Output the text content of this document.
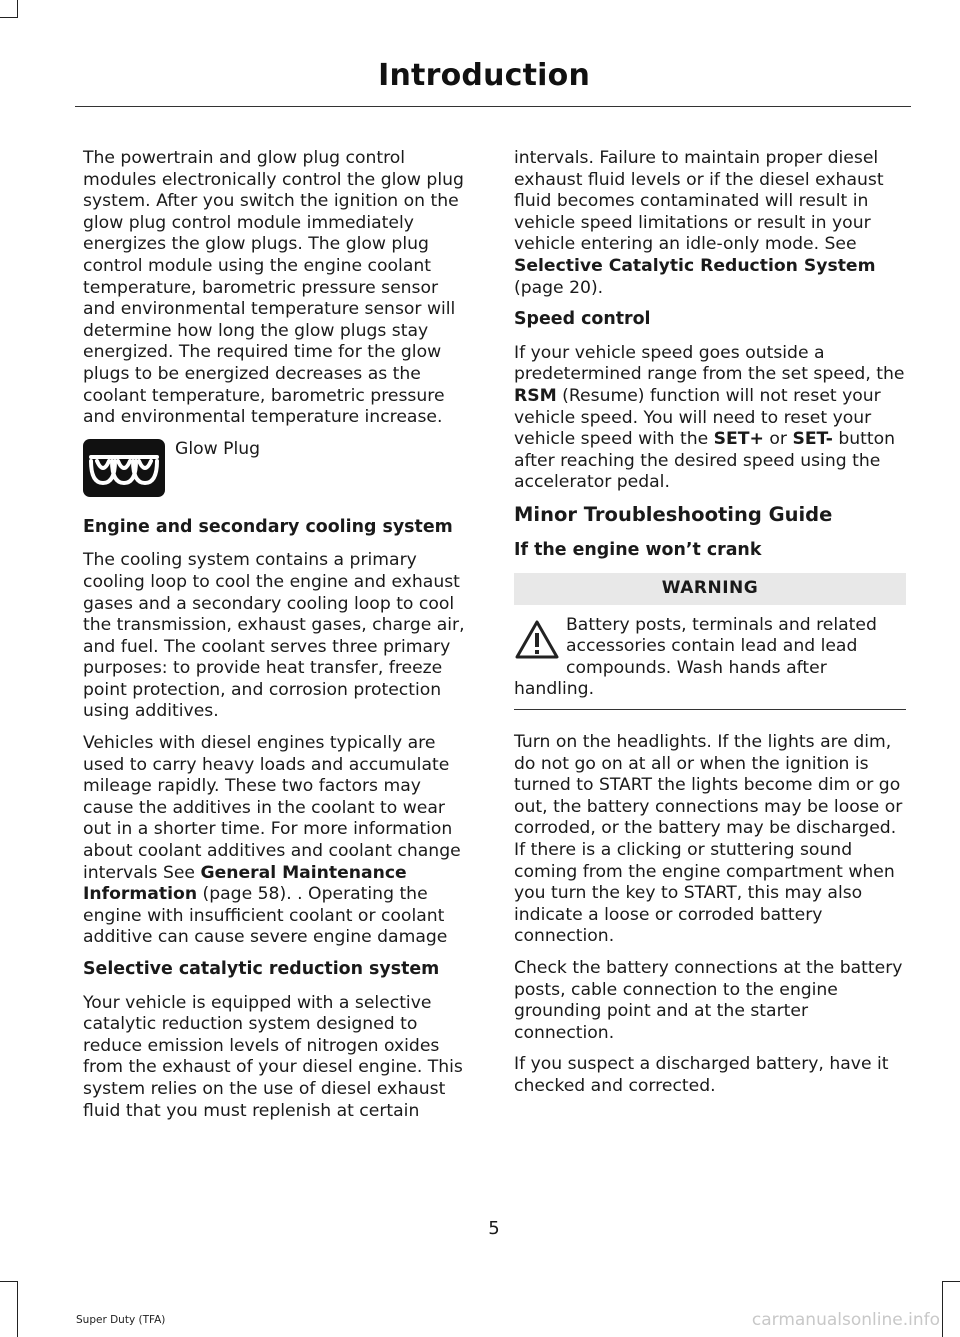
Introduction

The powertrain and glow plug control modules electronically control the glow plug system. After you switch the ignition on the glow plug control module immediately energizes the glow plugs. The glow plug control module using the engine coolant temperature, barometric pressure sensor and environmental temperature sensor will determine how long the glow plugs stay energized. The required time for the glow plugs to be energized decreases as the coolant temperature, barometric pressure and environmental temperature increase.

Glow Plug
Engine and secondary cooling system

The cooling system contains a primary cooling loop to cool the engine and exhaust gases and a secondary cooling loop to cool the transmission, exhaust gases, charge air, and fuel. The coolant serves three primary purposes: to provide heat transfer, freeze point protection, and corrosion protection using additives.

Vehicles with diesel engines typically are used to carry heavy loads and accumulate mileage rapidly. These two factors may cause the additives in the coolant to wear out in a shorter time. For more information about coolant additives and coolant change intervals See General Maintenance Information (page 58). . Operating the engine with insufficient coolant or coolant additive can cause severe engine damage

Selective catalytic reduction system

Your vehicle is equipped with a selective catalytic reduction system designed to reduce emission levels of nitrogen oxides from the exhaust of your diesel engine. This system relies on the use of diesel exhaust fluid that you must replenish at certain

intervals. Failure to maintain proper diesel exhaust fluid levels or if the diesel exhaust fluid becomes contaminated will result in vehicle speed limitations or result in your vehicle entering an idle-only mode. See Selective Catalytic Reduction System (page 20).

Speed control

If your vehicle speed goes outside a predetermined range from the set speed, the RSM (Resume) function will not reset your vehicle speed. You will need to reset your vehicle speed with the SET+ or SET- button after reaching the desired speed using the accelerator pedal.

Minor Troubleshooting Guide
If the engine won’t crank
WARNING
Battery posts, terminals and related accessories contain lead and lead compounds. Wash hands after
handling.

Turn on the headlights. If the lights are dim, do not go on at all or when the ignition is turned to START the lights become dim or go out, the battery connections may be loose or corroded, or the battery may be discharged. If there is a clicking or stuttering sound coming from the engine compartment when you turn the key to START, this may also indicate a loose or corroded battery connection.

Check the battery connections at the battery posts, cable connection to the engine grounding point and at the starter connection.

If you suspect a discharged battery, have it checked and corrected.

5
Super Duty (TFA)	carmanualsonline.info
